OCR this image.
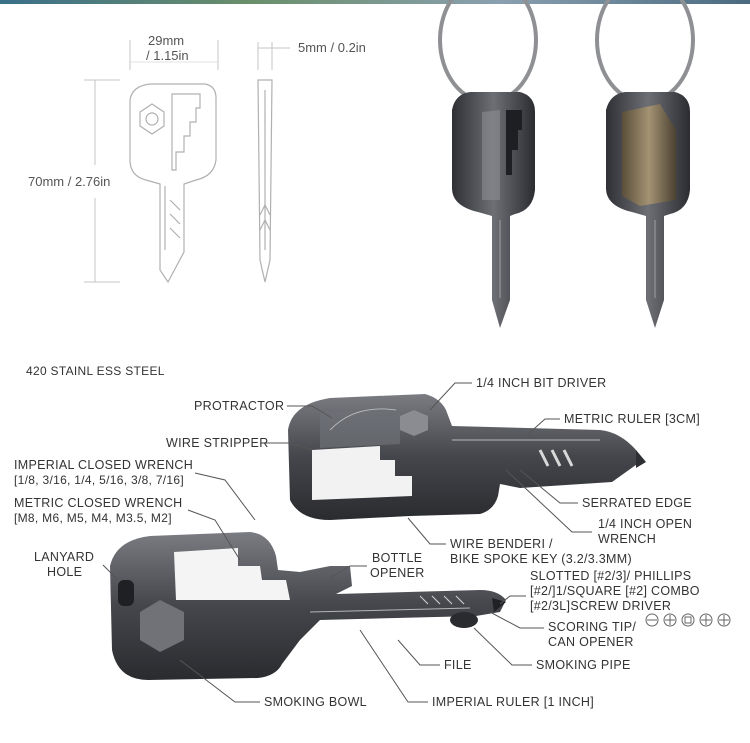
29mm
/ 1.15in
5mm / 0.2in
70mm / 2.76in
420 STAINL ESS STEEL
1/4 INCH BIT DRIVER
PROTRACTOR
METRIC RULER [3CM]
WIRE STRIPPER
IMPERIAL CLOSED WRENCH
[1/8, 3/16, 1/4, 5/16, 3/8, 7/16]
SERRATED EDGE
METRIC CLOSED WRENCH
[M8, M6, M5, M4, M3.5, M2]	1/4 INCH OPEN
WRENCH
WIRE BENDERI /
BIKE SPOKE KEY (3.2/3.3MM)
LANYARD
HOLE
BOTTLE
OPENER	SLOTTED [#2/3]/ PHILLIPS
[#2/]1/SQUARE [#2] COMBO
[#2/3L]SCREW DRIVER
SCORING TIP/
CAN OPENER
FILE	SMOKING PIPE
SMOKING BOWL	IMPERIAL RULER [1 INCH]
